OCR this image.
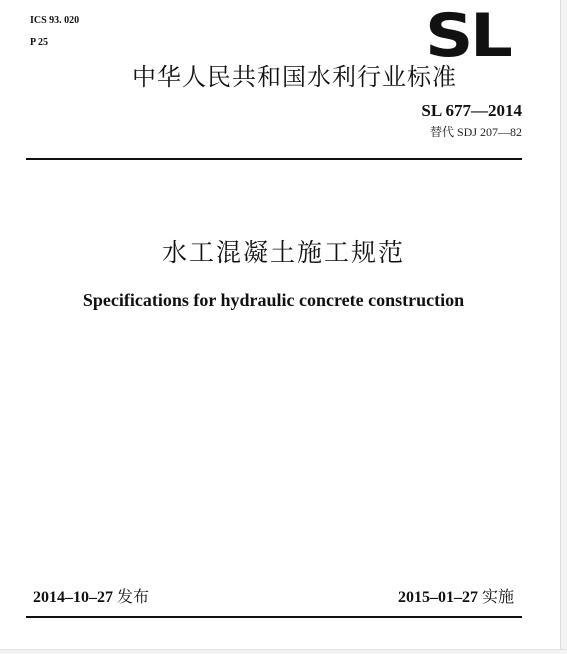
ICS 93. 020
P 25	SL
中华人民共和国水利行业标准
SL 677—2014
替代 SDJ 207—82
水工混凝土施工规范
Specifications for hydraulic concrete construction
2014–10–27 发布	2015–01–27 实施
